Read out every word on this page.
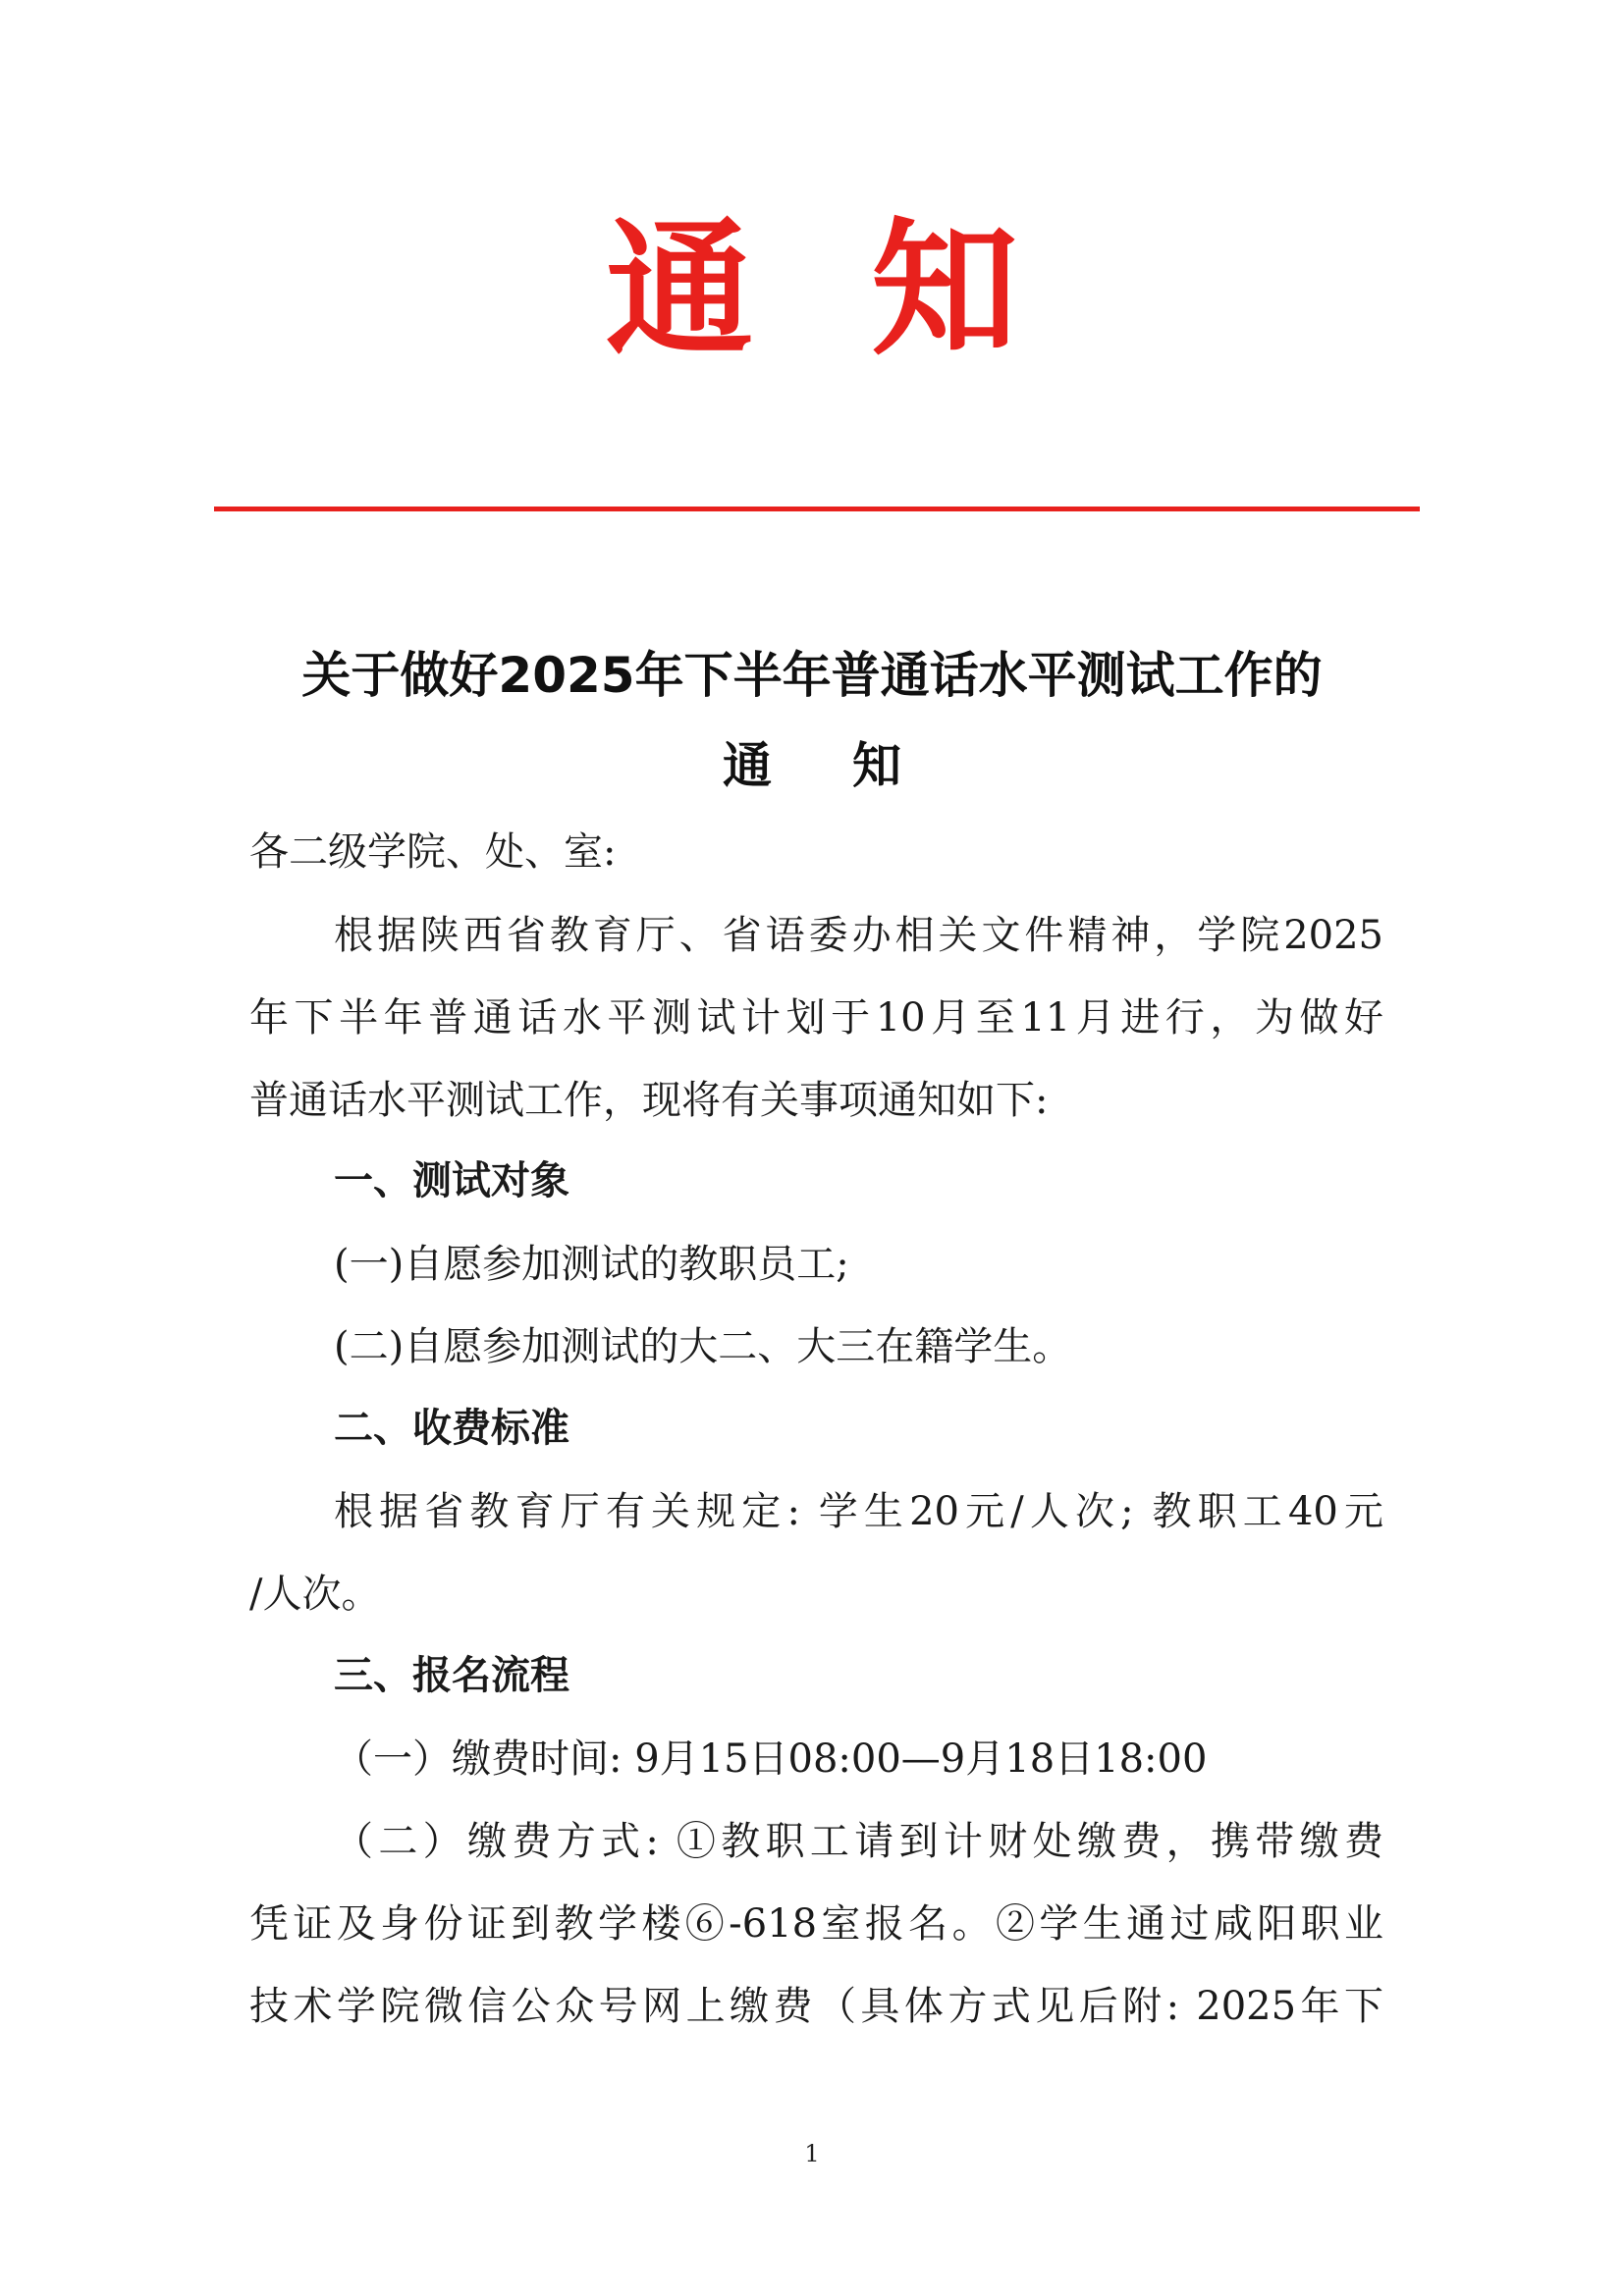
通 知
关于做好2025年下半年普通话水平测试工作的
通 知
各二级学院、处、室:
根据陕西省教育厅、省语委办相关文件精神，学院2025
年下半年普通话水平测试计划于10月至11月进行，为做好
普通话水平测试工作，现将有关事项通知如下:
一、测试对象
(一)自愿参加测试的教职员工;
(二)自愿参加测试的大二、大三在籍学生。
二、收费标准
根据省教育厅有关规定: 学生20元/人次; 教职工40元
/人次。
三、报名流程
（一）缴费时间: 9月15日08:00—9月18日18:00
（二）缴费方式: ①教职工请到计财处缴费，携带缴费
凭证及身份证到教学楼⑥-618室报名。②学生通过咸阳职业
技术学院微信公众号网上缴费（具体方式见后附: 2025年下
1
